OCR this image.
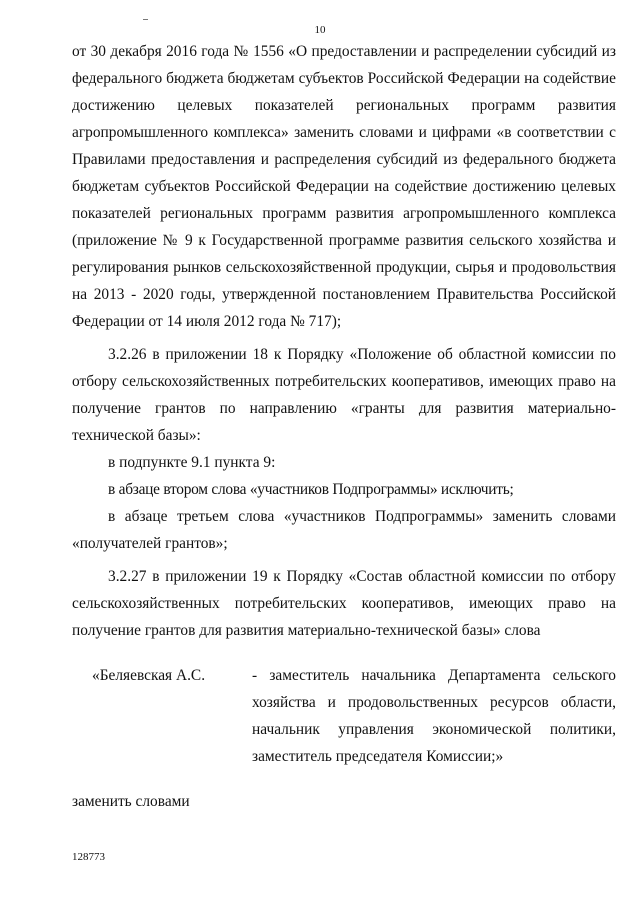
10

от 30 декабря 2016 года № 1556 «О предоставлении и распределении субсидий из федерального бюджета бюджетам субъектов Российской Федерации на содействие достижению целевых показателей региональных программ развития агропромышленного комплекса» заменить словами и цифрами «в соответствии с Правилами предоставления и распределения субсидий из федерального бюджета бюджетам субъектов Российской Федерации на содействие достижению целевых показателей региональных программ развития агропромышленного комплекса (приложение № 9 к Государственной программе развития сельского хозяйства и регулирования рынков сельскохозяйственной продукции, сырья и продовольствия на 2013 - 2020 годы, утвержденной постановлением Правительства Российской Федерации от 14 июля 2012 года № 717);

3.2.26 в приложении 18 к Порядку «Положение об областной комиссии по отбору сельскохозяйственных потребительских кооперативов, имеющих право на получение грантов по направлению «гранты для развития материально-технической базы»:

в подпункте 9.1 пункта 9:

в абзаце втором слова «участников Подпрограммы» исключить;

в абзаце третьем слова «участников Подпрограммы» заменить словами «получателей грантов»;

3.2.27 в приложении 19 к Порядку «Состав областной комиссии по отбору сельскохозяйственных потребительских кооперативов, имеющих право на получение грантов для развития материально-технической базы» слова

«Беляевская А.С.	- заместитель начальника Департамента сельского хозяйства и продовольственных ресурсов области, начальник управления экономической политики, заместитель председателя Комиссии;»

заменить словами

128773
